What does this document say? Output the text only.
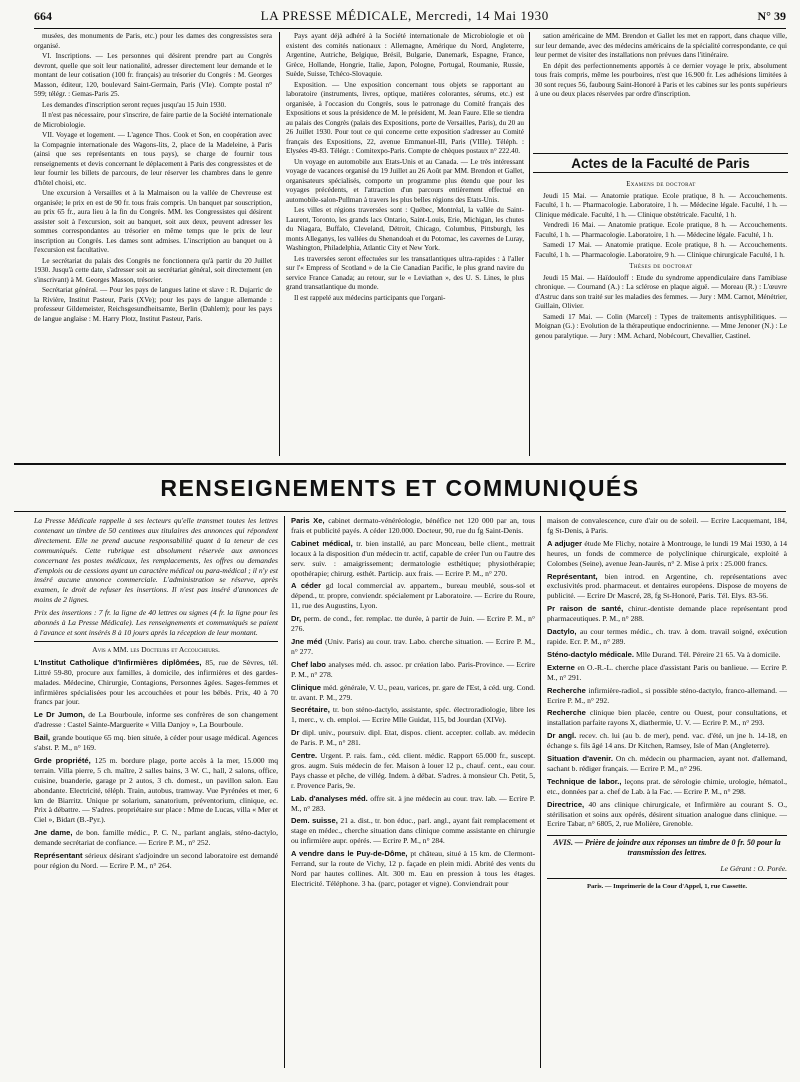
664	LA PRESSE MÉDICALE, Mercredi, 14 Mai 1930	N° 39

musées, des monuments de Paris, etc.) pour les dames des congressistes sera organisé.

VI. Inscriptions. — Les personnes qui désirent prendre part au Congrès devront, quelle que soit leur nationalité, adresser directement leur demande et le montant de leur cotisation (100 fr. français) au trésorier du Congrès : M. Georges Masson, éditeur, 120, boulevard Saint-Germain, Paris (VIe). Compte postal n° 599; télégr. : Gemas-Paris 25.

Les demandes d'inscription seront reçues jusqu'au 15 Juin 1930.

Il n'est pas nécessaire, pour s'inscrire, de faire partie de la Société internationale de Microbiologie.

VII. Voyage et logement. — L'agence Thos. Cook et Son, en coopération avec la Compagnie internationale des Wagons-lits, 2, place de la Madeleine, à Paris (ainsi que ses représentants en tous pays), se charge de fournir tous renseignements et devis concernant le déplacement à Paris des congressistes et de leur fournir les billets de parcours, de leur réserver les chambres dans le genre d'hôtel choisi, etc.

Une excursion à Versailles et à la Malmaison ou la vallée de Chevreuse est organisée; le prix en est de 90 fr. tous frais compris. Un banquet par souscription, au prix 65 fr., aura lieu à la fin du Congrès. MM. les Congressistes qui désirent assister soit à l'excursion, soit au banquet, soit aux deux, peuvent adresser les sommes correspondantes au trésorier en même temps que le prix de leur inscription au Congrès. Les dames sont admises. L'inscription au banquet ou à l'excursion est facultative.

Le secrétariat du palais des Congrès ne fonctionnera qu'à partir du 20 Juillet 1930. Jusqu'à cette date, s'adresser soit au secrétariat général, soit directement (en s'inscrivant) à M. Georges Masson, trésorier.

Secrétariat général. — Pour les pays de langues latine et slave : R. Dujarric de la Rivière, Institut Pasteur, Paris (XVe); pour les pays de langue allemande : professeur Gildemeister, Reichsgesundheitsamte, Berlin (Dahlem); pour les pays de langue anglaise : M. Harry Plotz, Institut Pasteur, Paris.

Pays ayant déjà adhéré à la Société internationale de Microbiologie et où existent des comités nationaux : Allemagne, Amérique du Nord, Angleterre, Argentine, Autriche, Belgique, Brésil, Bulgarie, Danemark, Espagne, France, Grèce, Hollande, Hongrie, Italie, Japon, Pologne, Portugal, Roumanie, Russie, Suède, Suisse, Tchéco-Slovaquie.

Exposition. — Une exposition concernant tous objets se rapportant au laboratoire (instruments, livres, optique, matières colorantes, sérums, etc.) est organisée, à l'occasion du Congrès, sous le patronage du Comité français des Expositions et sous la présidence de M. le président, M. Jean Faure. Elle se tiendra au palais des Congrès (palais des Expositions, porte de Versailles, Paris), du 20 au 26 Juillet 1930. Pour tout ce qui concerne cette exposition s'adresser au Comité français des Expositions, 22, avenue Emmanuel-III, Paris (VIIIe). Téléph. : Elysées 49-83. Télégr. : Comitexpo-Paris. Compte de chèques postaux n° 222.40.

Un voyage en automobile aux Etats-Unis et au Canada. — Le très intéressant voyage de vacances organisé du 19 Juillet au 26 Août par MM. Brendon et Gallet, organisateurs spécialisés, comporte un programme plus étendu que pour les voyages précédents, et l'attraction d'un parcours entièrement effectué en automobile-salon-Pullman à travers les plus belles régions des Etats-Unis.

Les villes et régions traversées sont : Québec, Montréal, la vallée du Saint-Laurent, Toronto, les grands lacs Ontario, Saint-Louis, Erie, Michigan, les chutes du Niagara, Buffalo, Cleveland, Détroit, Chicago, Columbus, Pittsburgh, les monts Alleganys, les vallées du Shenandoah et du Potomac, les cavernes de Luray, Washington, Philadelphia, Atlantic City et New York.

Les traversées seront effectuées sur les transatlantiques ultra-rapides : à l'aller sur l'« Empress of Scotland » de la Cie Canadian Pacific, le plus grand navire du service France Canada; au retour, sur le « Leviathan », des U. S. Lines, le plus grand transatlantique du monde.

Il est rappelé aux médecins participants que l'organi-

sation américaine de MM. Brendon et Gallet les met en rapport, dans chaque ville, sur leur demande, avec des médecins américains de la spécialité correspondante, ce qui leur permet de visiter des installations non prévues dans l'itinéraire.

En dépit des perfectionnements apportés à ce dernier voyage le prix, absolument tous frais compris, même les pourboires, n'est que 16.900 fr. Les adhésions limitées à 30 sont reçues 56, faubourg Saint-Honoré à Paris et les cabines sur les ponts supérieurs à une ou deux places réservées par ordre d'inscription.

Actes de la Faculté de Paris
Examens de doctorat

Jeudi 15 Mai. — Anatomie pratique. Ecole pratique, 8 h. — Accouchements. Faculté, 1 h. — Pharmacologie. Laboratoire, 1 h. — Médecine légale. Faculté, 1 h. — Clinique médicale. Faculté, 1 h. — Clinique obstétricale. Faculté, 1 h.

Vendredi 16 Mai. — Anatomie pratique. Ecole pratique, 8 h. — Accouchements. Faculté, 1 h. — Pharmacologie. Laboratoire, 1 h. — Médecine légale. Faculté, 1 h.

Samedi 17 Mai. — Anatomie pratique. Ecole pratique, 8 h. — Accouchements. Faculté, 1 h. — Pharmacologie. Laboratoire, 9 h. — Clinique chirurgicale Faculté, 1 h.

Thèses de doctorat

Jeudi 15 Mai. — Haïdouloff : Etude du syndrome appendiculaire dans l'amibiase chronique. — Cournand (A.) : La sclérose en plaque aiguë. — Moreau (R.) : L'œuvre d'Astruc dans son traité sur les maladies des femmes. — Jury : MM. Carnot, Ménétrier, Guillain, Olivier.

Samedi 17 Mai. — Colin (Marcel) : Types de traitements antisyphilitiques. — Moignan (G.) : Evolution de la thérapeutique endocrinienne. — Mme Jenoner (N.) : Le genou paralytique. — Jury : MM. Achard, Nobécourt, Chevallier, Castinel.

RENSEIGNEMENTS ET COMMUNIQUÉS

La Presse Médicale rappelle à ses lecteurs qu'elle transmet toutes les lettres contenant un timbre de 50 centimes aux titulaires des annonces qui répondent directement. Elle ne prend aucune responsabilité quant à la teneur de ces communiqués. Cette rubrique est absolument réservée aux annonces concernant les postes médicaux, les remplacements, les offres ou demandes d'emplois ou de cessions ayant un caractère médical ou para-médical ; il n'y est inséré aucune annonce commerciale. L'administration se réserve, après examen, le droit de refuser les insertions. Il n'est pas inséré d'annonces de moins de 2 lignes.

Prix des insertions : 7 fr. la ligne de 40 lettres ou signes (4 fr. la ligne pour les abonnés à La Presse Médicale). Les renseignements et communiqués se paient à l'avance et sont insérés 8 à 10 jours après la réception de leur montant.

Avis a MM. les Docteurs et Accoucheurs.

L'Institut Catholique d'Infirmières diplômées, 85, rue de Sèvres, tél. Littré 59-80, procure aux familles, à domicile, des infirmières et des gardes-malades. Médecine, Chirurgie, Contagions, Personnes âgées. Sages-femmes et infirmières spécialisées pour les accouchées et pour les bébés. Prix, 40 à 70 francs par jour.

Le Dr Jumon, de La Bourboule, informe ses confrères de son changement d'adresse : Castel Sainte-Marguerite « Villa Danjoy », La Bourboule.

Bail, grande boutique 65 mq. bien située, à céder pour usage médical. Agences s'abst. P. M., n° 169.

Grde propriété, 125 m. bordure plage, porte accès à la mer, 15.000 mq terrain. Villa pierre, 5 ch. maître, 2 salles bains, 3 W. C., hall, 2 salons, office, cuisine, buanderie, garage pr 2 autos, 3 ch. domest., un pavillon salon. Eau abondante. Electricité, téléph. Train, autobus, tramway. Vue Pyrénées et mer, 6 km de Biarritz. Unique pr solarium, sanatorium, préventorium, clinique, ec. Prix à débattre. — S'adres. propriétaire sur place : Mme de Lucas, villa « Mer et Ciel », Bidart (B.-Pyr.).

Jne dame, de bon. famille médic., P. C. N., parlant anglais, sténo-dactylo, demande secrétariat de confiance. — Ecrire P. M., n° 252.

Représentant sérieux désirant s'adjoindre un second laboratoire est demandé pour région du Nord. — Ecrire P. M., n° 264.

Paris Xe, cabinet dermato-vénéréologie, bénéfice net 120 000 par an, tous frais et publicité payés. A céder 120.000. Docteur, 90, rue du fg Saint-Denis.

Cabinet médical, tr. bien installé, au parc Monceau, belle client., mettrait locaux à la disposition d'un médecin tr. actif, capable de créer l'un ou l'autre des serv. suiv. : amaigrissement; dermatologie esthétique; physiothérapie; opothérapie; chirurg. esthét. Particip. aux frais. — Ecrire P. M., n° 270.

A céder gd local commercial av. appartem., bureau meublé, sous-sol et dépend., tr. propre, conviendr. spécialement pr Laboratoire. — Ecrire du Roure, 11, rue des Augustins, Lyon.

Dr, perm. de cond., fer. remplac. tte durée, à partir de Juin. — Ecrire P. M., n° 276.

Jne méd (Univ. Paris) au cour. trav. Labo. cherche situation. — Ecrire P. M., n° 277.

Chef labo analyses méd. ch. assoc. pr création labo. Paris-Province. — Ecrire P. M., n° 278.

Clinique méd. générale, V. U., peau, varices, pr. gare de l'Est, à céd. urg. Cond. tr. avant. P. M., 279.

Secrétaire, tr. bon sténo-dactylo, assistante, spéc. électroradiologie, libre les 1, merc., v. ch. emploi. — Ecrire Mlle Guidat, 115, bd Jourdan (XIVe).

Dr dipl. univ., poursuiv. dipl. Etat, dispos. client. accepter. collab. av. médecin de Paris. P. M., n° 281.

Centre. Urgent. P. rais. fam., céd. client. médic. Rapport 65.000 fr., suscept. gros. augm. Suis médecin de fer. Maison à louer 12 p., chauf. cent., eau cour. Pays chasse et pêche, de villég. Indem. à débat. S'adres. à monsieur Ch. Petit, 5, r. Provence Paris, 9e.

Lab. d'analyses méd. offre sit. à jne médecin au cour. trav. lab. — Ecrire P. M., n° 283.

Dem. suisse, 21 a. dist., tr. bon éduc., parl. angl., ayant fait remplacement et stage en médec., cherche situation dans clinique comme assistante en chirurgie ou infirmière aupr. opérés. — Ecrire P. M., n° 284.

A vendre dans le Puy-de-Dôme, pt château, situé à 15 km. de Clermont-Ferrand, sur la route de Vichy, 12 p. façade en plein midi. Abrité des vents du Nord par hautes collines. Alt. 300 m. Eau en pression à tous les étages. Electricité. Téléphone. 3 ha. (parc, potager et vigne). Conviendrait pour

maison de convalescence, cure d'air ou de soleil. — Ecrire Lacquemant, 184, fg St-Denis, à Paris.

A adjuger étude Me Flichy, notaire à Montrouge, le lundi 19 Mai 1930, à 14 heures, un fonds de commerce de polyclinique chirurgicale, exploité à Colombes (Seine), avenue Jean-Jaurès, n° 2. Mise à prix : 25.000 francs.

Représentant, bien introd. en Argentine, ch. représentations avec exclusivités prod. pharmaceut. et dentaires européens. Dispose de moyens de publicité. — Ecrire Dr Mascré, 28, fg St-Honoré, Paris. Tél. Elys. 83-56.

Pr raison de santé, chirur.-dentiste demande place représentant prod pharmaceutiques. P. M., n° 288.

Dactylo, au cour termes médic., ch. trav. à dom. travail soigné, exécution rapide. Ecr. P. M., n° 289.

Sténo-dactylo médicale. Mlle Durand. Tél. Péreire 21 65. Va à domicile.

Externe en O.-R.-L. cherche place d'assistant Paris ou banlieue. — Ecrire P. M., n° 291.

Recherche infirmière-radiol., si possible sténo-dactylo, franco-allemand. — Ecrire P. M., n° 292.

Recherche clinique bien placée, centre ou Ouest, pour consultations, et installation parfaite rayons X, diathermie, U. V. — Ecrire P. M., n° 293.

Dr angl. recev. ch. lui (au b. de mer), pend. vac. d'été, un jne h. 14-18, en échange s. fils âgé 14 ans. Dr Kitchen, Ramsey, Isle of Man (Angleterre).

Situation d'avenir. On ch. médecin ou pharmacien, ayant not. d'allemand, sachant b. rédiger français. — Ecrire P. M., n° 296.

Technique de labor., leçons prat. de sérologie chimie, urologie, hématol., etc., données par a. chef de Lab. à la Fac. — Ecrire P. M., n° 298.

Directrice, 40 ans clinique chirurgicale, et Infirmière au courant S. O., stérilisation et soins aux opérés, désirent situation analogue dans clinique. — Ecrire Tabar, n° 6805, 2, rue Molière, Grenoble.

AVIS. — Prière de joindre aux réponses un timbre de 0 fr. 50 pour la transmission des lettres.
Le Gérant : O. Porée.
Paris. — Imprimerie de la Cour d'Appel, 1, rue Cassette.
